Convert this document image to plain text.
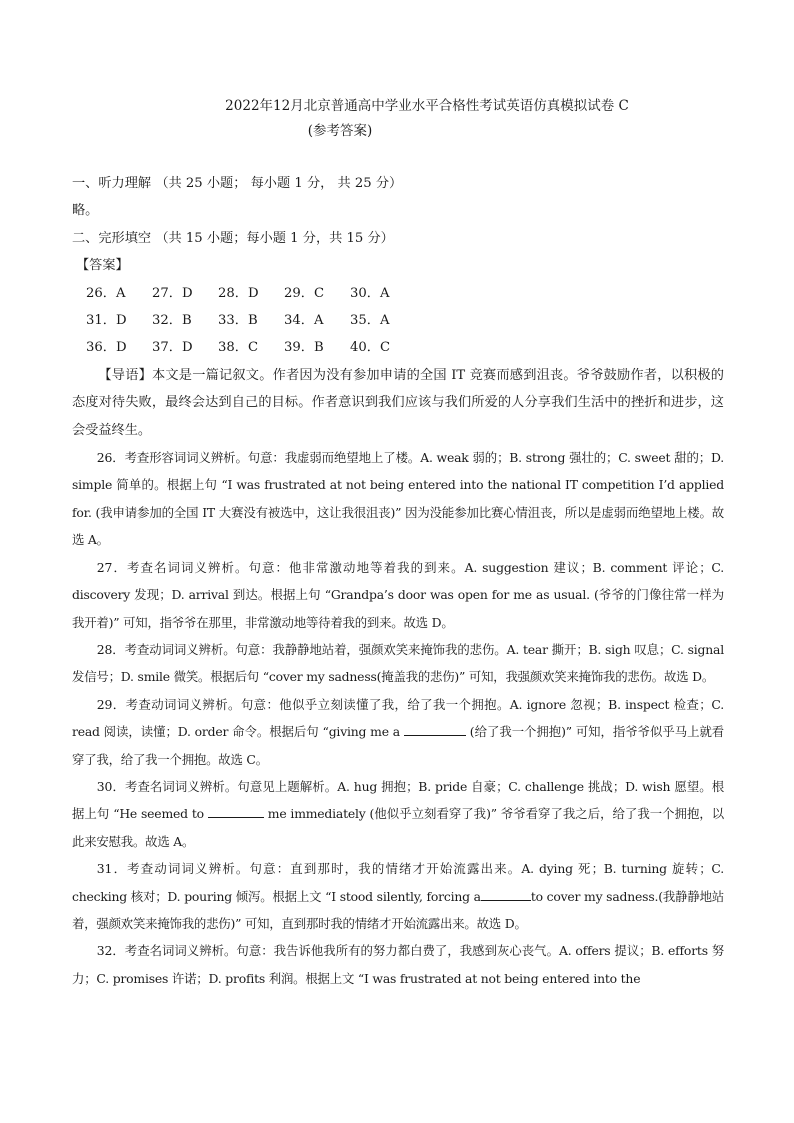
2022年12月北京普通高中学业水平合格性考试英语仿真模拟试卷 C
(参考答案)

一、听力理解 （共 25 小题； 每小题 1 分， 共 25 分）

略。

二、完形填空 （共 15 小题；每小题 1 分，共 15 分）

【答案】

26．A	27．D	28．D	29．C	30．A
31．D	32．B	33．B	34．A	35．A
36．D	37．D	38．C	39．B	40．C

【导语】本文是一篇记叙文。作者因为没有参加申请的全国 IT 竞赛而感到沮丧。爷爷鼓励作者，以积极的态度对待失败，最终会达到自己的目标。作者意识到我们应该与我们所爱的人分享我们生活中的挫折和进步，这会受益终生。

26．考查形容词词义辨析。句意：我虚弱而绝望地上了楼。A. weak 弱的；B. strong 强壮的；C. sweet 甜的；D. simple 简单的。根据上句 “I was frustrated at not being entered into the national IT competition I’d applied for. (我申请参加的全国 IT 大赛没有被选中，这让我很沮丧)” 因为没能参加比赛心情沮丧，所以是虚弱而绝望地上楼。故选 A。

27．考查名词词义辨析。句意：他非常激动地等着我的到来。A. suggestion 建议；B. comment 评论；C. discovery 发现；D. arrival 到达。根据上句 “Grandpa’s door was open for me as usual. (爷爷的门像往常一样为我开着)” 可知，指爷爷在那里，非常激动地等待着我的到来。故选 D。

28．考查动词词义辨析。句意：我静静地站着，强颜欢笑来掩饰我的悲伤。A. tear 撕开；B. sigh 叹息；C. signal 发信号；D. smile 微笑。根据后句 “cover my sadness(掩盖我的悲伤)” 可知，我强颜欢笑来掩饰我的悲伤。故选 D。

29．考查动词词义辨析。句意：他似乎立刻读懂了我，给了我一个拥抱。A. ignore 忽视；B. inspect 检查；C. read 阅读，读懂；D. order 命令。根据后句 “giving me a	(给了我一个拥抱)” 可知，指爷爷似乎马上就看穿了我，给了我一个拥抱。故选 C。

30．考查名词词义辨析。句意见上题解析。A. hug 拥抱；B. pride 自豪；C. challenge 挑战；D. wish 愿望。根据上句 “He seemed to	me immediately (他似乎立刻看穿了我)” 爷爷看穿了我之后，给了我一个拥抱，以此来安慰我。故选 A。

31．考查动词词义辨析。句意：直到那时，我的情绪才开始流露出来。A. dying 死；B. turning 旋转；C. checking 核对；D. pouring 倾泻。根据上文 “I stood silently, forcing a	to cover my sadness.(我静静地站着，强颜欢笑来掩饰我的悲伤)” 可知，直到那时我的情绪才开始流露出来。故选 D。

32．考查名词词义辨析。句意：我告诉他我所有的努力都白费了，我感到灰心丧气。A. offers 提议；B. efforts 努力；C. promises 许诺；D. profits 利润。根据上文 “I was frustrated at not being entered into the
